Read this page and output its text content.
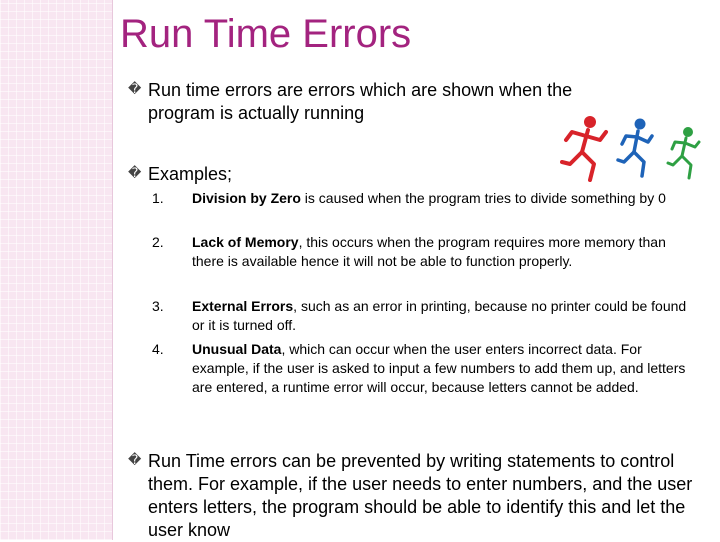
Run Time Errors
� Run time errors are errors which are shown when the program is actually running
� Examples;
1.	Division by Zero is caused when the program tries to divide something by 0
2.	Lack of Memory, this occurs when the program requires more memory than there is available hence it will not be able to function properly.
3.	External Errors, such as an error in printing, because no printer could be found or it is turned off.
4.	Unusual Data, which can occur when the user enters incorrect data. For example, if the user is asked to input a few numbers to add them up, and letters are entered, a runtime error will occur, because letters cannot be added.
� Run Time errors can be prevented by writing statements to control them. For example, if the user needs to enter numbers, and the user enters letters, the program should be able to identify this and let the user know
